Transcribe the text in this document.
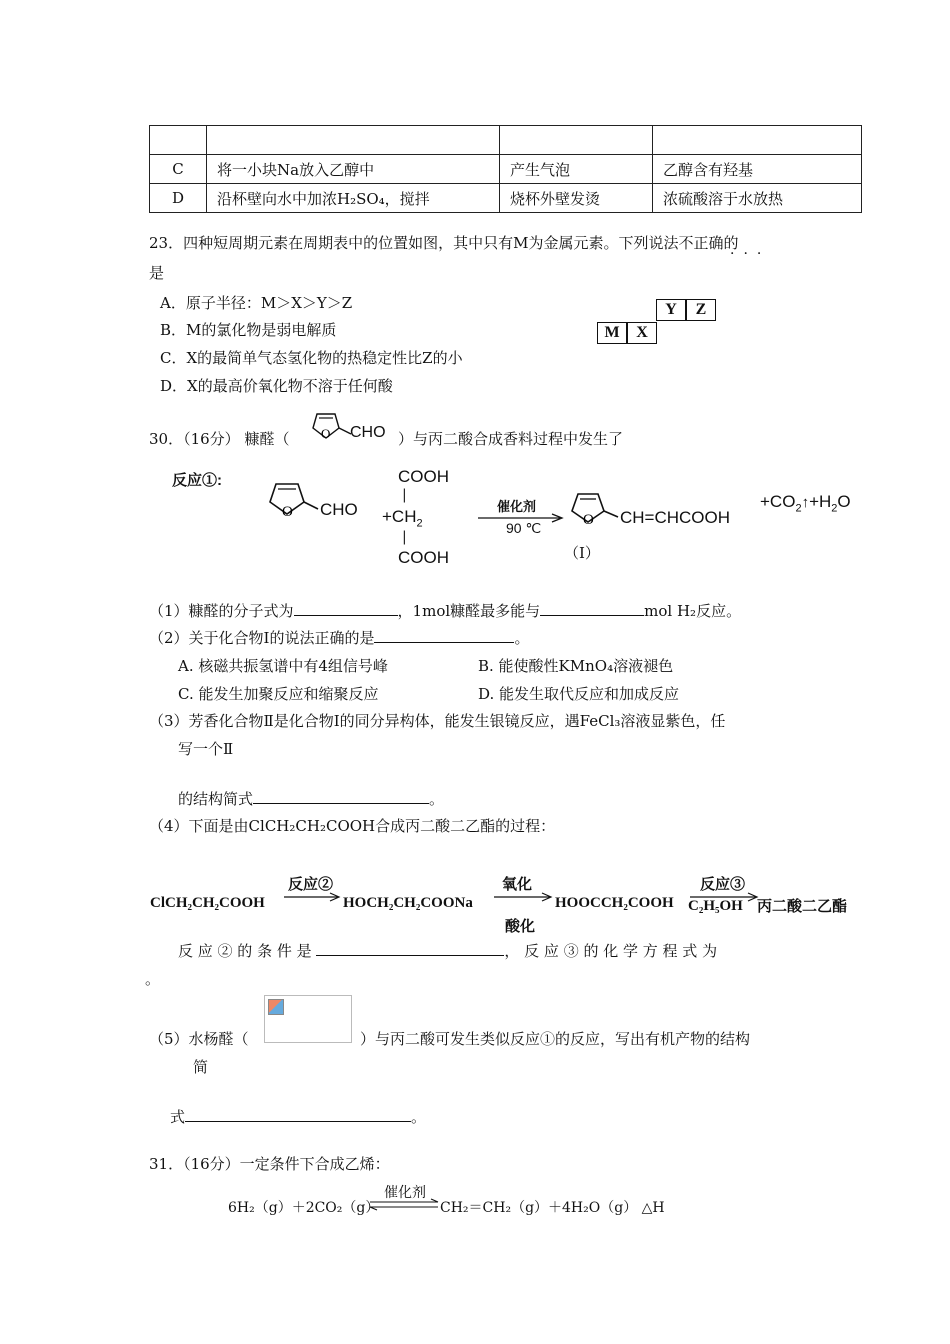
C	将一小块Na放入乙醇中	产生气泡	乙醇含有羟基
D	沿杯壁向水中加浓H₂SO₄，搅拌	烧杯外壁发烫	浓硫酸溶于水放热
23．四种短周期元素在周期表中的位置如图，其中只有M为金属元素。下列说法不正确的
···
是
A．原子半径：M＞X＞Y＞Z
B．M的氯化物是弱电解质
C．X的最简单气态氢化物的热稳定性比Z的小
D．X的最高价氧化物不溶于任何酸
Y	Z
M	X
30．（16分） 糠醛（ O CHO ）与丙二酸合成香料过程中发生了
反应①:
O CHO
COOH
|
$+CH_2$
|
COOH
催化剂
90 ℃	O CH=CHCOOH
$+CO_2↑+H_2O$
（Ⅰ）
（1）糠醛的分子式为	，1mol糠醛最多能与	mol H₂反应。
（2）关于化合物Ⅰ的说法正确的是	。
A. 核磁共振氢谱中有4组信号峰	B. 能使酸性KMnO₄溶液褪色
C. 能发生加聚反应和缩聚反应	D. 能发生取代反应和加成反应
（3）芳香化合物Ⅱ是化合物Ⅰ的同分异构体，能发生银镜反应，遇FeCl₃溶液显紫色，任
写一个Ⅱ
的结构简式	。
（4）下面是由ClCH₂CH₂COOH合成丙二酸二乙酯的过程：
ClCH₂CH₂COOH
反应②
HOCH₂CH₂COONa
氧化
酸化
HOOCCH₂COOH
反应③
C₂H₅OH 丙二酸二乙酯
反 应 ② 的 条 件 是	， 反 应 ③ 的 化 学 方 程 式 为
。
（5）水杨醛（	）与丙二酸可发生类似反应①的反应，写出有机产物的结构
简
式	。
31．（16分）一定条件下合成乙烯：
6H₂（g）＋2CO₂（g）
催化剂
CH₂＝CH₂（g）＋4H₂O（g） △H
